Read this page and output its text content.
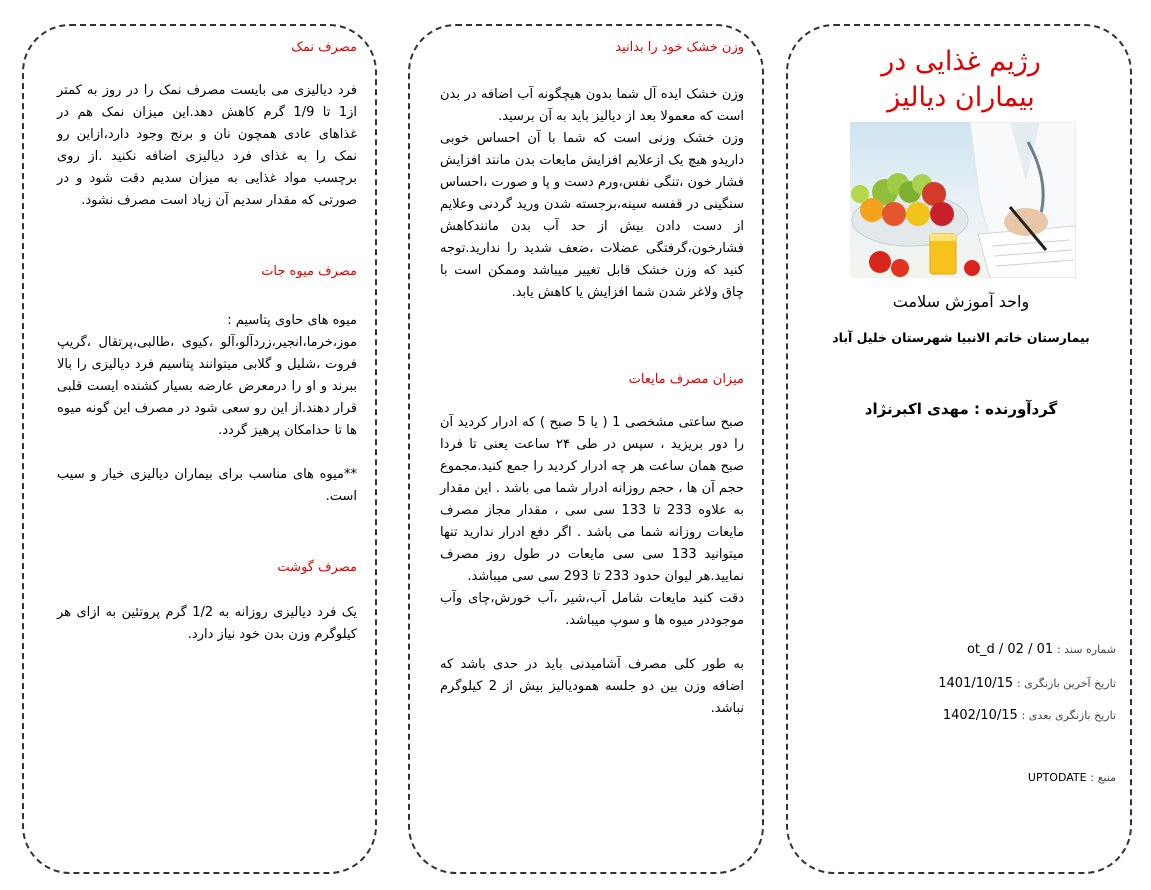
مصرف نمک

فرد دیالیزی می بایست مصرف نمک را در روز به کمتر از1 تا 1/9 گرم کاهش دهد.این میزان نمک هم در غذاهای عادی همچون نان و برنج وجود دارد،ازاین رو نمک را به غذای فرد دیالیزی اضافه نکنید .از روی برچسب مواد غذایی به میزان سدیم دقت شود و در صورتی که مقدار سدیم آن زیاد است مصرف نشود.

مصرف میوه جات

میوه های حاوی پتاسیم :

موز،خرما،انجیر،زردآلو،آلو ،کیوی ،طالبی،پرتقال ،گریپ فروت ،شلیل و گلابی میتوانند پتاسیم فرد دیالیزی را بالا ببرند و او را درمعرض عارضه بسیار کشنده ایست قلبی قرار دهند.از این رو سعی شود در مصرف این گونه میوه ها تا حدامکان پرهیز گردد.

**میوه های مناسب برای بیماران دیالیزی خیار و سیب است.

مصرف گوشت

یک فرد دیالیزی روزانه به 1/2 گرم پروتئین به ازای هر کیلوگرم وزن بدن خود نیاز دارد.

وزن خشک خود را بدانید

وزن خشک ایده آل شما بدون هیچگونه آب اضافه در بدن است که معمولا بعد از دیالیز باید به آن برسید.

وزن خشک وزنی است که شما با آن احساس خوبی داریدو هیچ یک ازعلایم افزایش مایعات بدن مانند افزایش فشار خون ،تنگی نفس،ورم دست و پا و صورت ،احساس سنگینی در قفسه سینه،برجسته شدن ورید گردنی وعلایم از دست دادن بیش از حد آب بدن مانندکاهش فشارخون،گرفتگی عضلات ،ضعف شدید را ندارید.توجه کنید که وزن خشک قابل تغییر میباشد وممکن است با چاق ولاغر شدن شما افزایش یا کاهش یابد.

میزان مصرف مایعات

صبح ساعتی مشخصی 1 ( یا 5 صبح ) که ادرار کردید آن را دور بریزید ، سپس در طی ۲۴ ساعت یعنی تا فردا صبح همان ساعت هر چه ادرار کردید را جمع کنید.مجموع حجم آن ها ، حجم روزانه ادرار شما می باشد . این مقدار به علاوه 233 تا 133 سی سی ، مقدار مجاز مصرف مایعات روزانه شما می باشد . اگر دفع ادرار ندارید تنها میتوانید 133 سی سی مایعات در طول روز مصرف نمایید.هر لیوان حدود 233 تا 293 سی سی میباشد.

دقت کنید مایعات شامل آب،شیر ،آب خورش،چای وآب موجوددر میوه ها و سوپ میباشد.

به طور کلی مصرف آشامیدنی باید در حدی باشد که اضافه وزن بین دو جلسه همودیالیز بیش از 2 کیلوگرم نباشد.

رژیم غذایی در
بیماران دیالیز
واحد آموزش سلامت
بیمارستان خاتم الانبیا شهرستان خلیل آباد
گردآورنده : مهدی اکبرنژاد
شماره سند : ot_d / 02 / 01
تاریخ آخرین بازنگری : 1401/10/15
تاریخ بازنگری بعدی : 1402/10/15
منبع : UPTODATE
